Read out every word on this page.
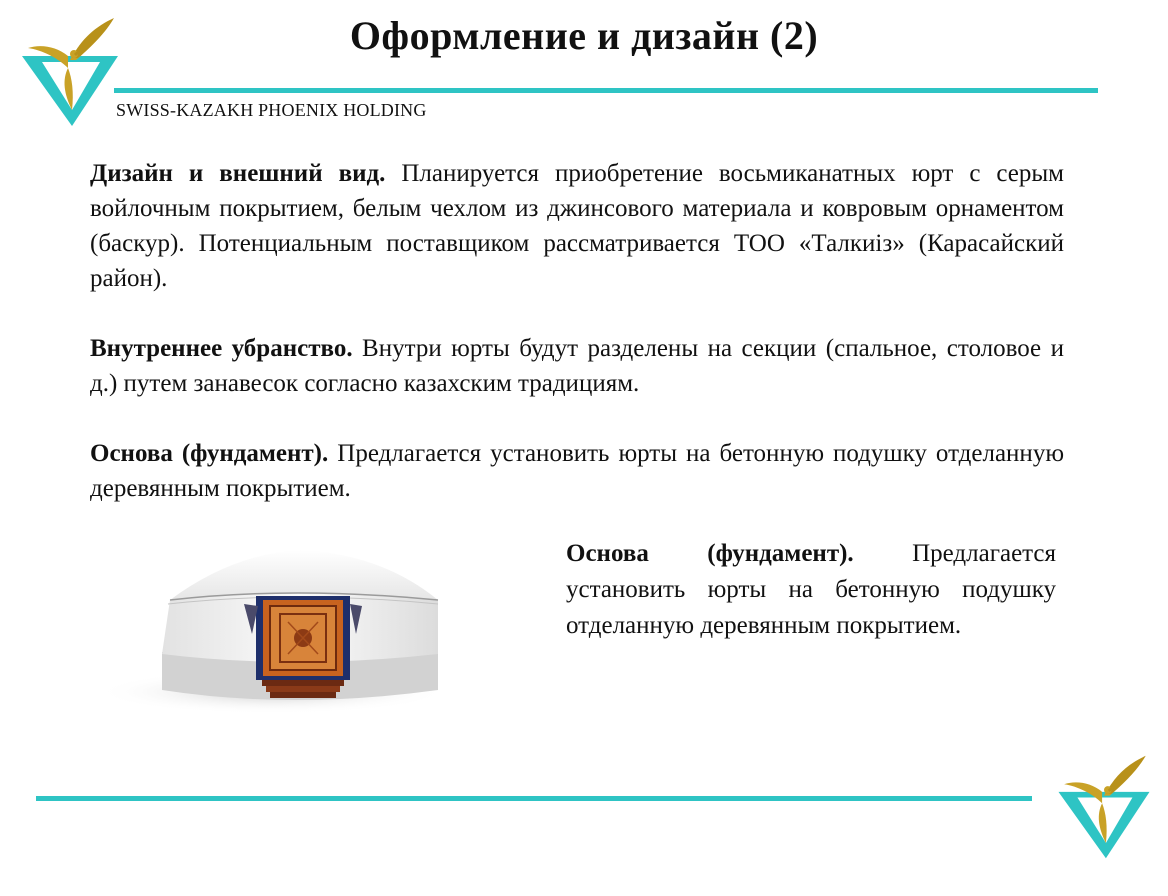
Оформление и дизайн (2)
SWISS-KAZAKH PHOENIX HOLDING

Дизайн и внешний вид. Планируется приобретение восьмиканатных юрт с серым войлочным покрытием, белым чехлом из джинсового материала и ковровым орнаментом (баскур). Потенциальным поставщиком рассматривается ТОО «Талкиіз» (Карасайский район).

Внутреннее убранство. Внутри юрты будут разделены на секции (спальное, столовое и д.) путем занавесок согласно казахским традициям.

Основа (фундамент). Предлагается установить юрты на бетонную подушку отделанную деревянным покрытием.

Основа (фундамент). Предлагается установить юрты на бетонную подушку отделанную деревянным покрытием.
